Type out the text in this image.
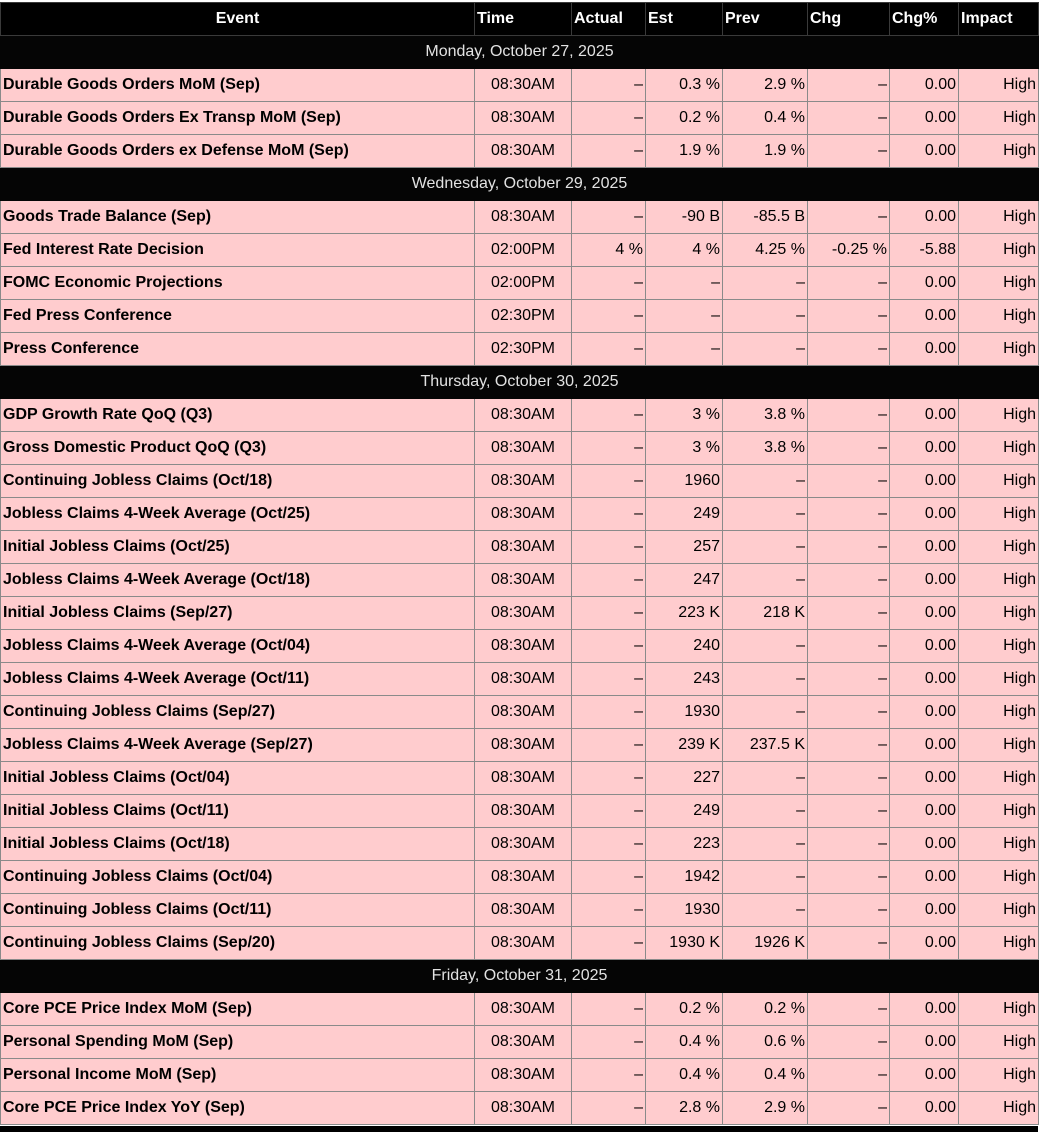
Event	Time	Actual	Est	Prev	Chg	Chg%	Impact
Monday, October 27, 2025							
Durable Goods Orders MoM (Sep)	08:30AM	–	0.3 %	2.9 %	–	0.00	High
Durable Goods Orders Ex Transp MoM (Sep)	08:30AM	–	0.2 %	0.4 %	–	0.00	High
Durable Goods Orders ex Defense MoM (Sep)	08:30AM	–	1.9 %	1.9 %	–	0.00	High
Wednesday, October 29, 2025							
Goods Trade Balance (Sep)	08:30AM	–	-90 B	-85.5 B	–	0.00	High
Fed Interest Rate Decision	02:00PM	4 %	4 %	4.25 %	-0.25 %	-5.88	High
FOMC Economic Projections	02:00PM	–	–	–	–	0.00	High
Fed Press Conference	02:30PM	–	–	–	–	0.00	High
Press Conference	02:30PM	–	–	–	–	0.00	High
Thursday, October 30, 2025							
GDP Growth Rate QoQ (Q3)	08:30AM	–	3 %	3.8 %	–	0.00	High
Gross Domestic Product QoQ (Q3)	08:30AM	–	3 %	3.8 %	–	0.00	High
Continuing Jobless Claims (Oct/18)	08:30AM	–	1960	–	–	0.00	High
Jobless Claims 4-Week Average (Oct/25)	08:30AM	–	249	–	–	0.00	High
Initial Jobless Claims (Oct/25)	08:30AM	–	257	–	–	0.00	High
Jobless Claims 4-Week Average (Oct/18)	08:30AM	–	247	–	–	0.00	High
Initial Jobless Claims (Sep/27)	08:30AM	–	223 K	218 K	–	0.00	High
Jobless Claims 4-Week Average (Oct/04)	08:30AM	–	240	–	–	0.00	High
Jobless Claims 4-Week Average (Oct/11)	08:30AM	–	243	–	–	0.00	High
Continuing Jobless Claims (Sep/27)	08:30AM	–	1930	–	–	0.00	High
Jobless Claims 4-Week Average (Sep/27)	08:30AM	–	239 K	237.5 K	–	0.00	High
Initial Jobless Claims (Oct/04)	08:30AM	–	227	–	–	0.00	High
Initial Jobless Claims (Oct/11)	08:30AM	–	249	–	–	0.00	High
Initial Jobless Claims (Oct/18)	08:30AM	–	223	–	–	0.00	High
Continuing Jobless Claims (Oct/04)	08:30AM	–	1942	–	–	0.00	High
Continuing Jobless Claims (Oct/11)	08:30AM	–	1930	–	–	0.00	High
Continuing Jobless Claims (Sep/20)	08:30AM	–	1930 K	1926 K	–	0.00	High
Friday, October 31, 2025							
Core PCE Price Index MoM (Sep)	08:30AM	–	0.2 %	0.2 %	–	0.00	High
Personal Spending MoM (Sep)	08:30AM	–	0.4 %	0.6 %	–	0.00	High
Personal Income MoM (Sep)	08:30AM	–	0.4 %	0.4 %	–	0.00	High
Core PCE Price Index YoY (Sep)	08:30AM	–	2.8 %	2.9 %	–	0.00	High
